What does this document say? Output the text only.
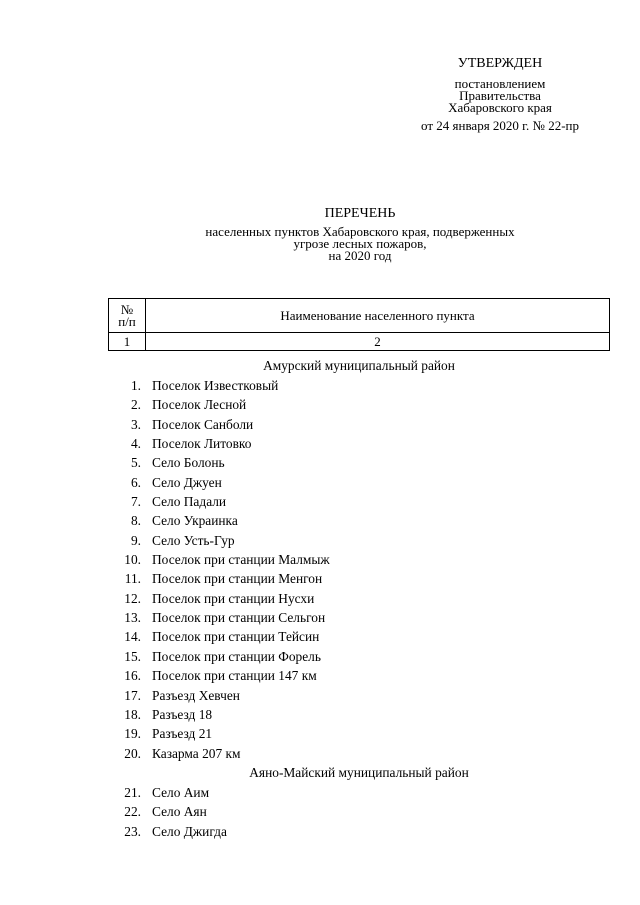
УТВЕРЖДЕН
постановлением
Правительства
Хабаровского края
от 24 января 2020 г. № 22-пр
ПЕРЕЧЕНЬ
населенных пунктов Хабаровского края, подверженных
угрозе лесных пожаров,
на 2020 год
№
п/п	Наименование населенного пункта
1	2
Амурский муниципальный район
1. Поселок Известковый
2. Поселок Лесной
3. Поселок Санболи
4. Поселок Литовко
5. Село Болонь
6. Село Джуен
7. Село Падали
8. Село Украинка
9. Село Усть-Гур
10. Поселок при станции Малмыж
11. Поселок при станции Менгон
12. Поселок при станции Нусхи
13. Поселок при станции Сельгон
14. Поселок при станции Тейсин
15. Поселок при станции Форель
16. Поселок при станции 147 км
17. Разъезд Хевчен
18. Разъезд 18
19. Разъезд 21
20. Казарма 207 км
Аяно-Майский муниципальный район
21. Село Аим
22. Село Аян
23. Село Джигда
